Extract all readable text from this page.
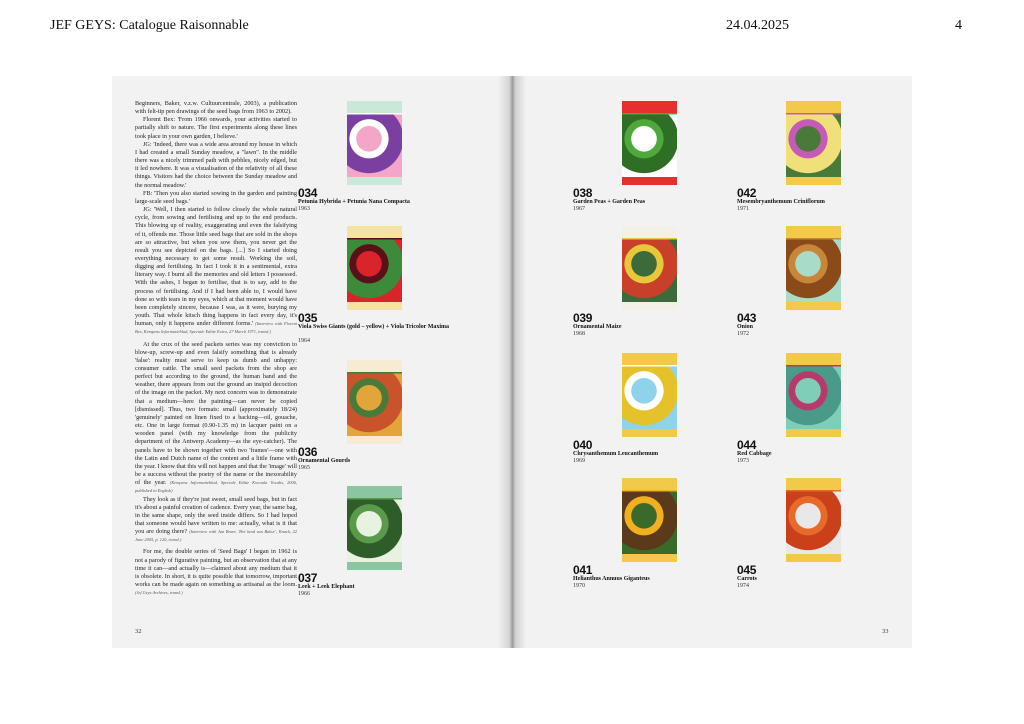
JEF GEYS: Catalogue Raisonnable	24.04.2025	4

Beginners, Baker, v.z.w. Cultuurcentrale, 2003), a publication with felt-tip pen drawings of the seed bags from 1963 to 2002).

Florent Bex: 'From 1966 onwards, your activities started to partially shift to nature. The first experiments along these lines took place in your own garden, I believe.'

JG: 'Indeed, there was a wide area around my house in which I had created a small Sunday meadow, a "lawn". In the middle there was a nicely trimmed path with pebbles, nicely edged, but it led nowhere. It was a visualisation of the relativity of all these things. Visitors had the choice between the Sunday meadow and the normal meadow.'

FB: 'Then you also started sowing in the garden and painting large-scale seed bags.'

JG: 'Well, I then started to follow closely the whole natural cycle, from sowing and fertilising and up to the end products. This blowing up of reality, exaggerating and even the falsifying of it, offends me. Those little seed bags that are sold in the shops are so attractive, but when you sow them, you never get the result you see depicted on the bags. [...] So I started doing everything necessary to get some result. Working the soil, digging and fertilising. In fact I took it in a sentimental, extra literary way. I burnt all the memories and old letters I possessed. With the ashes, I began to fertilise, that is to say, add to the process of fertilising. And if I had been able to, I would have done so with tears in my eyes, which at that moment would have been completely sincere, because I was, as it were, burying my youth. That whole kitsch thing happens in fact every day, it's human, only it happens under different forms.' (Interview with Florent Bex, Kempens Informatieblad, Speciale Editie Extra, 27 March 1971, transl.)

At the crux of the seed packets series was my conviction to blow-up, screw-up and even falsify something that is already 'false': reality must serve to keep us dumb and unhappy: consumer cattle. The small seed packets from the shop are perfect but according to the ground, the human hand and the weather, there appears from out the ground an insipid decoction of the image on the packet. My next concern was to demonstrate that a medium—here the painting—can never be copied [dismissed]. Thus, two formats: small (approximately 18/24) 'genuinely' painted on linen fixed to a backing—oil, gouache, etc. One in large format (0.90-1.35 m) in lacquer paint on a wooden panel (with my knowledge from the publicity department of the Antwerp Academy—as the eye-catcher). The panels have to be shown together with two 'frames'—one with the Latin and Dutch name of the content and a little frame with the year. I know that this will not happen and that the 'image' will be a success without the poetry of the name or the inexorability of the year. (Kempens Informatieblad, Speciale Editie Kwroala Vocalis, 2006, published in English)

They look as if they're just sweet, small seed bags, but in fact it's about a painful creation of cadence. Every year, the same bag, in the same shape, only the seed inside differs. So I had hoped that someone would have written to me: actually, what is it that you are doing there? (Interview with Jan Braet, 'Het land van Bakor', Knack, 22 June 2005, p. 120, transl.)

For me, the double series of 'Seed Bags' I began in 1962 is not a parody of figurative painting, but an observation that at any time it can—and actually is—claimed about any medium that it is obsolete. In short, it is quite possible that tomorrow, important works can be made again on something as artisanal as the loom. (Jef Geys Archives, transl.)

32	33
034
Petunia Hybrida + Petunia Nana Compacta
1963
035
Viola Swiss Giants (gold – yellow) + Viola Tricolor Maxima
1964
036
Ornamental Gourds
1965
037
Leek + Leek Elephant
1966
038
Garden Peas + Garden Peas
1967
042
Mesembryanthemum Criniflorum
1971
039
Ornamental Maize
1968
043
Onion
1972
040
Chrysanthemum Leucanthemum
1969
044
Red Cabbage
1973
041
Helianthus Annuus Giganteus
1970
045
Carrots
1974
